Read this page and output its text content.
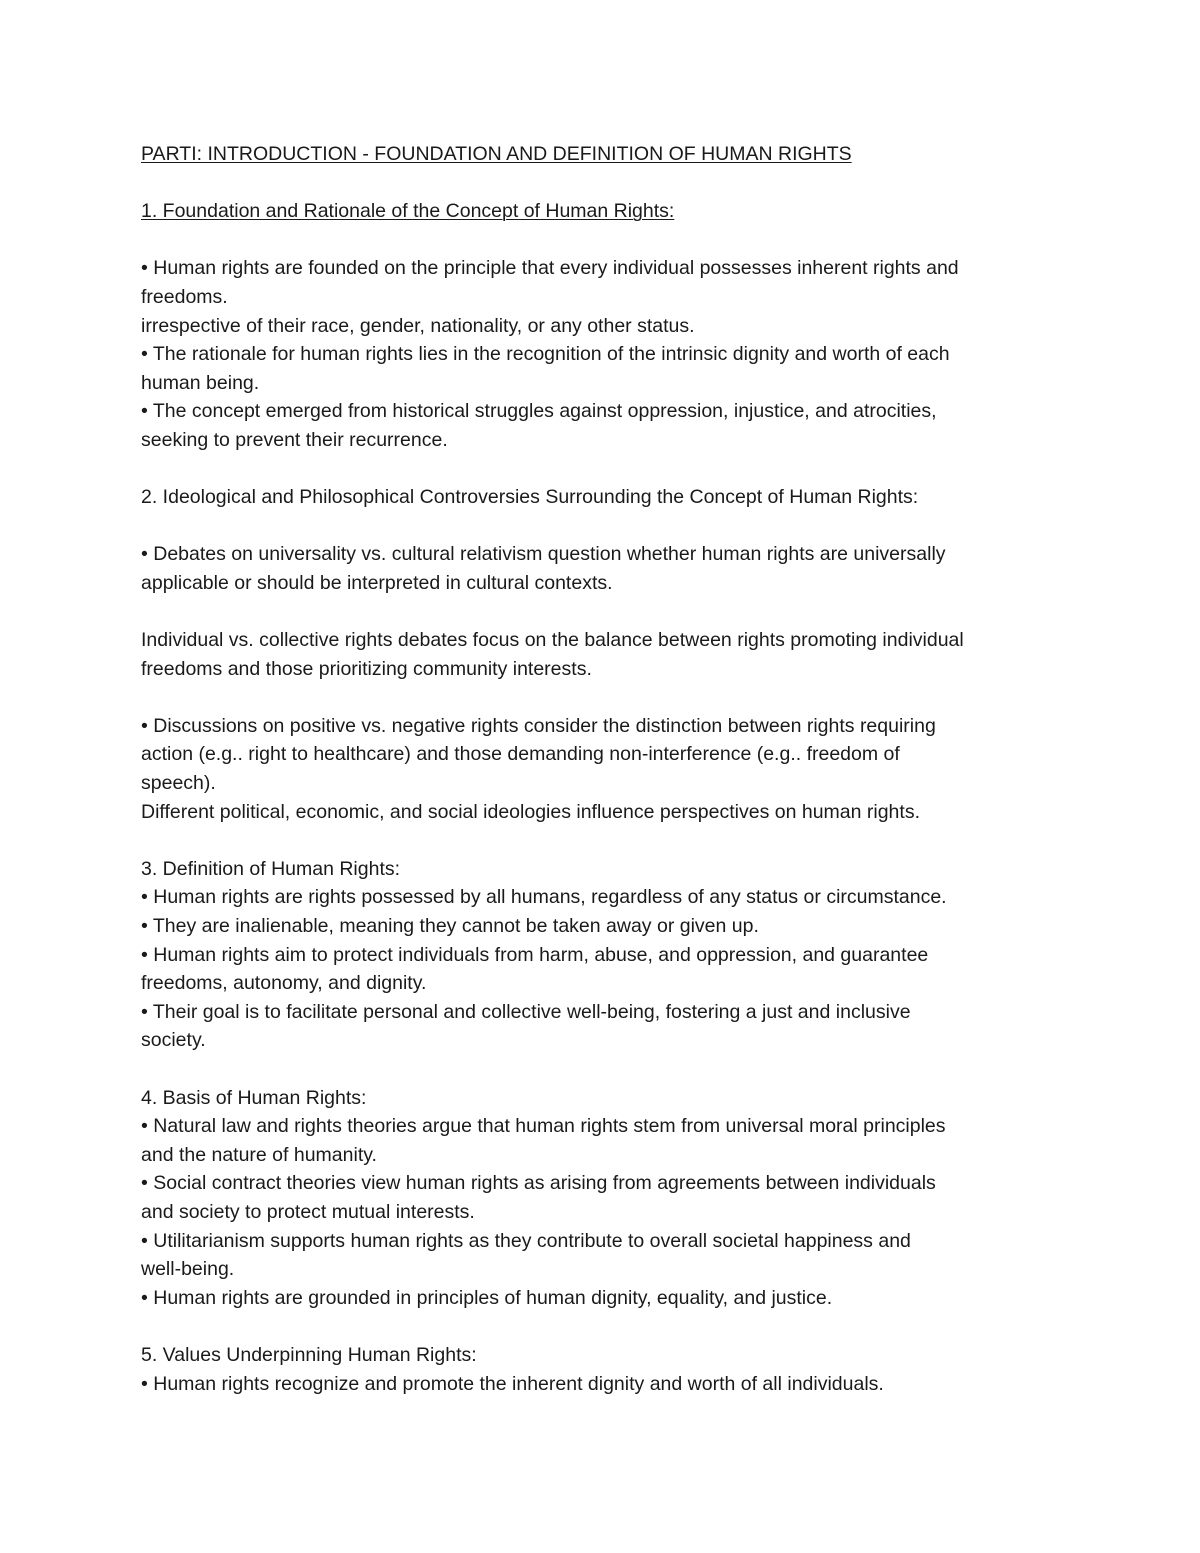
PARTI: INTRODUCTION - FOUNDATION AND DEFINITION OF HUMAN RIGHTS

1. Foundation and Rationale of the Concept of Human Rights:

• Human rights are founded on the principle that every individual possesses inherent rights and

freedoms.

irrespective of their race, gender, nationality, or any other status.

• The rationale for human rights lies in the recognition of the intrinsic dignity and worth of each

human being.

• The concept emerged from historical struggles against oppression, injustice, and atrocities,

seeking to prevent their recurrence.

2. Ideological and Philosophical Controversies Surrounding the Concept of Human Rights:

• Debates on universality vs. cultural relativism question whether human rights are universally

applicable or should be interpreted in cultural contexts.

Individual vs. collective rights debates focus on the balance between rights promoting individual

freedoms and those prioritizing community interests.

• Discussions on positive vs. negative rights consider the distinction between rights requiring

action (e.g.. right to healthcare) and those demanding non-interference (e.g.. freedom of

speech).

Different political, economic, and social ideologies influence perspectives on human rights.

3. Definition of Human Rights:

• Human rights are rights possessed by all humans, regardless of any status or circumstance.

• They are inalienable, meaning they cannot be taken away or given up.

• Human rights aim to protect individuals from harm, abuse, and oppression, and guarantee

freedoms, autonomy, and dignity.

• Their goal is to facilitate personal and collective well-being, fostering a just and inclusive

society.

4. Basis of Human Rights:

• Natural law and rights theories argue that human rights stem from universal moral principles

and the nature of humanity.

• Social contract theories view human rights as arising from agreements between individuals

and society to protect mutual interests.

• Utilitarianism supports human rights as they contribute to overall societal happiness and

well-being.

• Human rights are grounded in principles of human dignity, equality, and justice.

5. Values Underpinning Human Rights:

• Human rights recognize and promote the inherent dignity and worth of all individuals.
